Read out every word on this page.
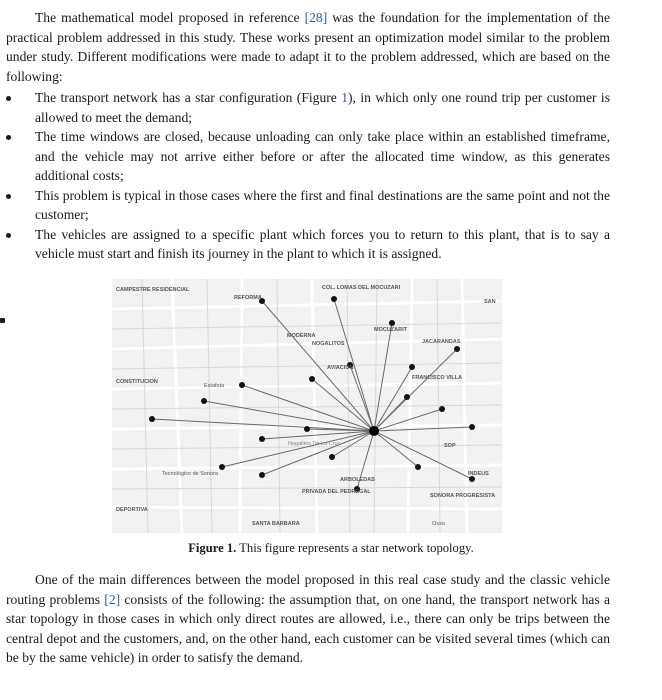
The mathematical model proposed in reference [28] was the foundation for the implementation of the practical problem addressed in this study. These works present an optimization model similar to the problem under study. Different modifications were made to adapt it to the problem addressed, which are based on the following:
The transport network has a star configuration (Figure 1), in which only one round trip per customer is allowed to meet the demand;
The time windows are closed, because unloading can only take place within an established timeframe, and the vehicle may not arrive either before or after the allocated time window, as this generates additional costs;
This problem is typical in those cases where the first and final destinations are the same point and not the customer;
The vehicles are assigned to a specific plant which forces you to return to this plant, that is to say a vehicle must start and finish its journey in the plant to which it is assigned.
CAMPESTRE RESIDENCIAL
REFORMA
COL. LOMAS DEL MOCUZARI
SAN
MOCUZARIT
MODERNA
NOGALITOS	JACARANDAS
AVIACION
CONSTITUCION
FRANCISCO VILLA
Nogalitos De La Cruz
ARBOLEDAS
PRIVADA DEL PEDREGAL
SONORA PROGRESISTA
DEPORTIVA
SANTA BARBARA
INDEUS
SOP
Oxxo
Estafeta
Tecnológico de Sonora
Figure 1. This figure represents a star network topology.
One of the main differences between the model proposed in this real case study and the classic vehicle routing problems [2] consists of the following: the assumption that, on one hand, the transport network has a star topology in those cases in which only direct routes are allowed, i.e., there can only be trips between the central depot and the customers, and, on the other hand, each customer can be visited several times (which can be by the same vehicle) in order to satisfy the demand.
